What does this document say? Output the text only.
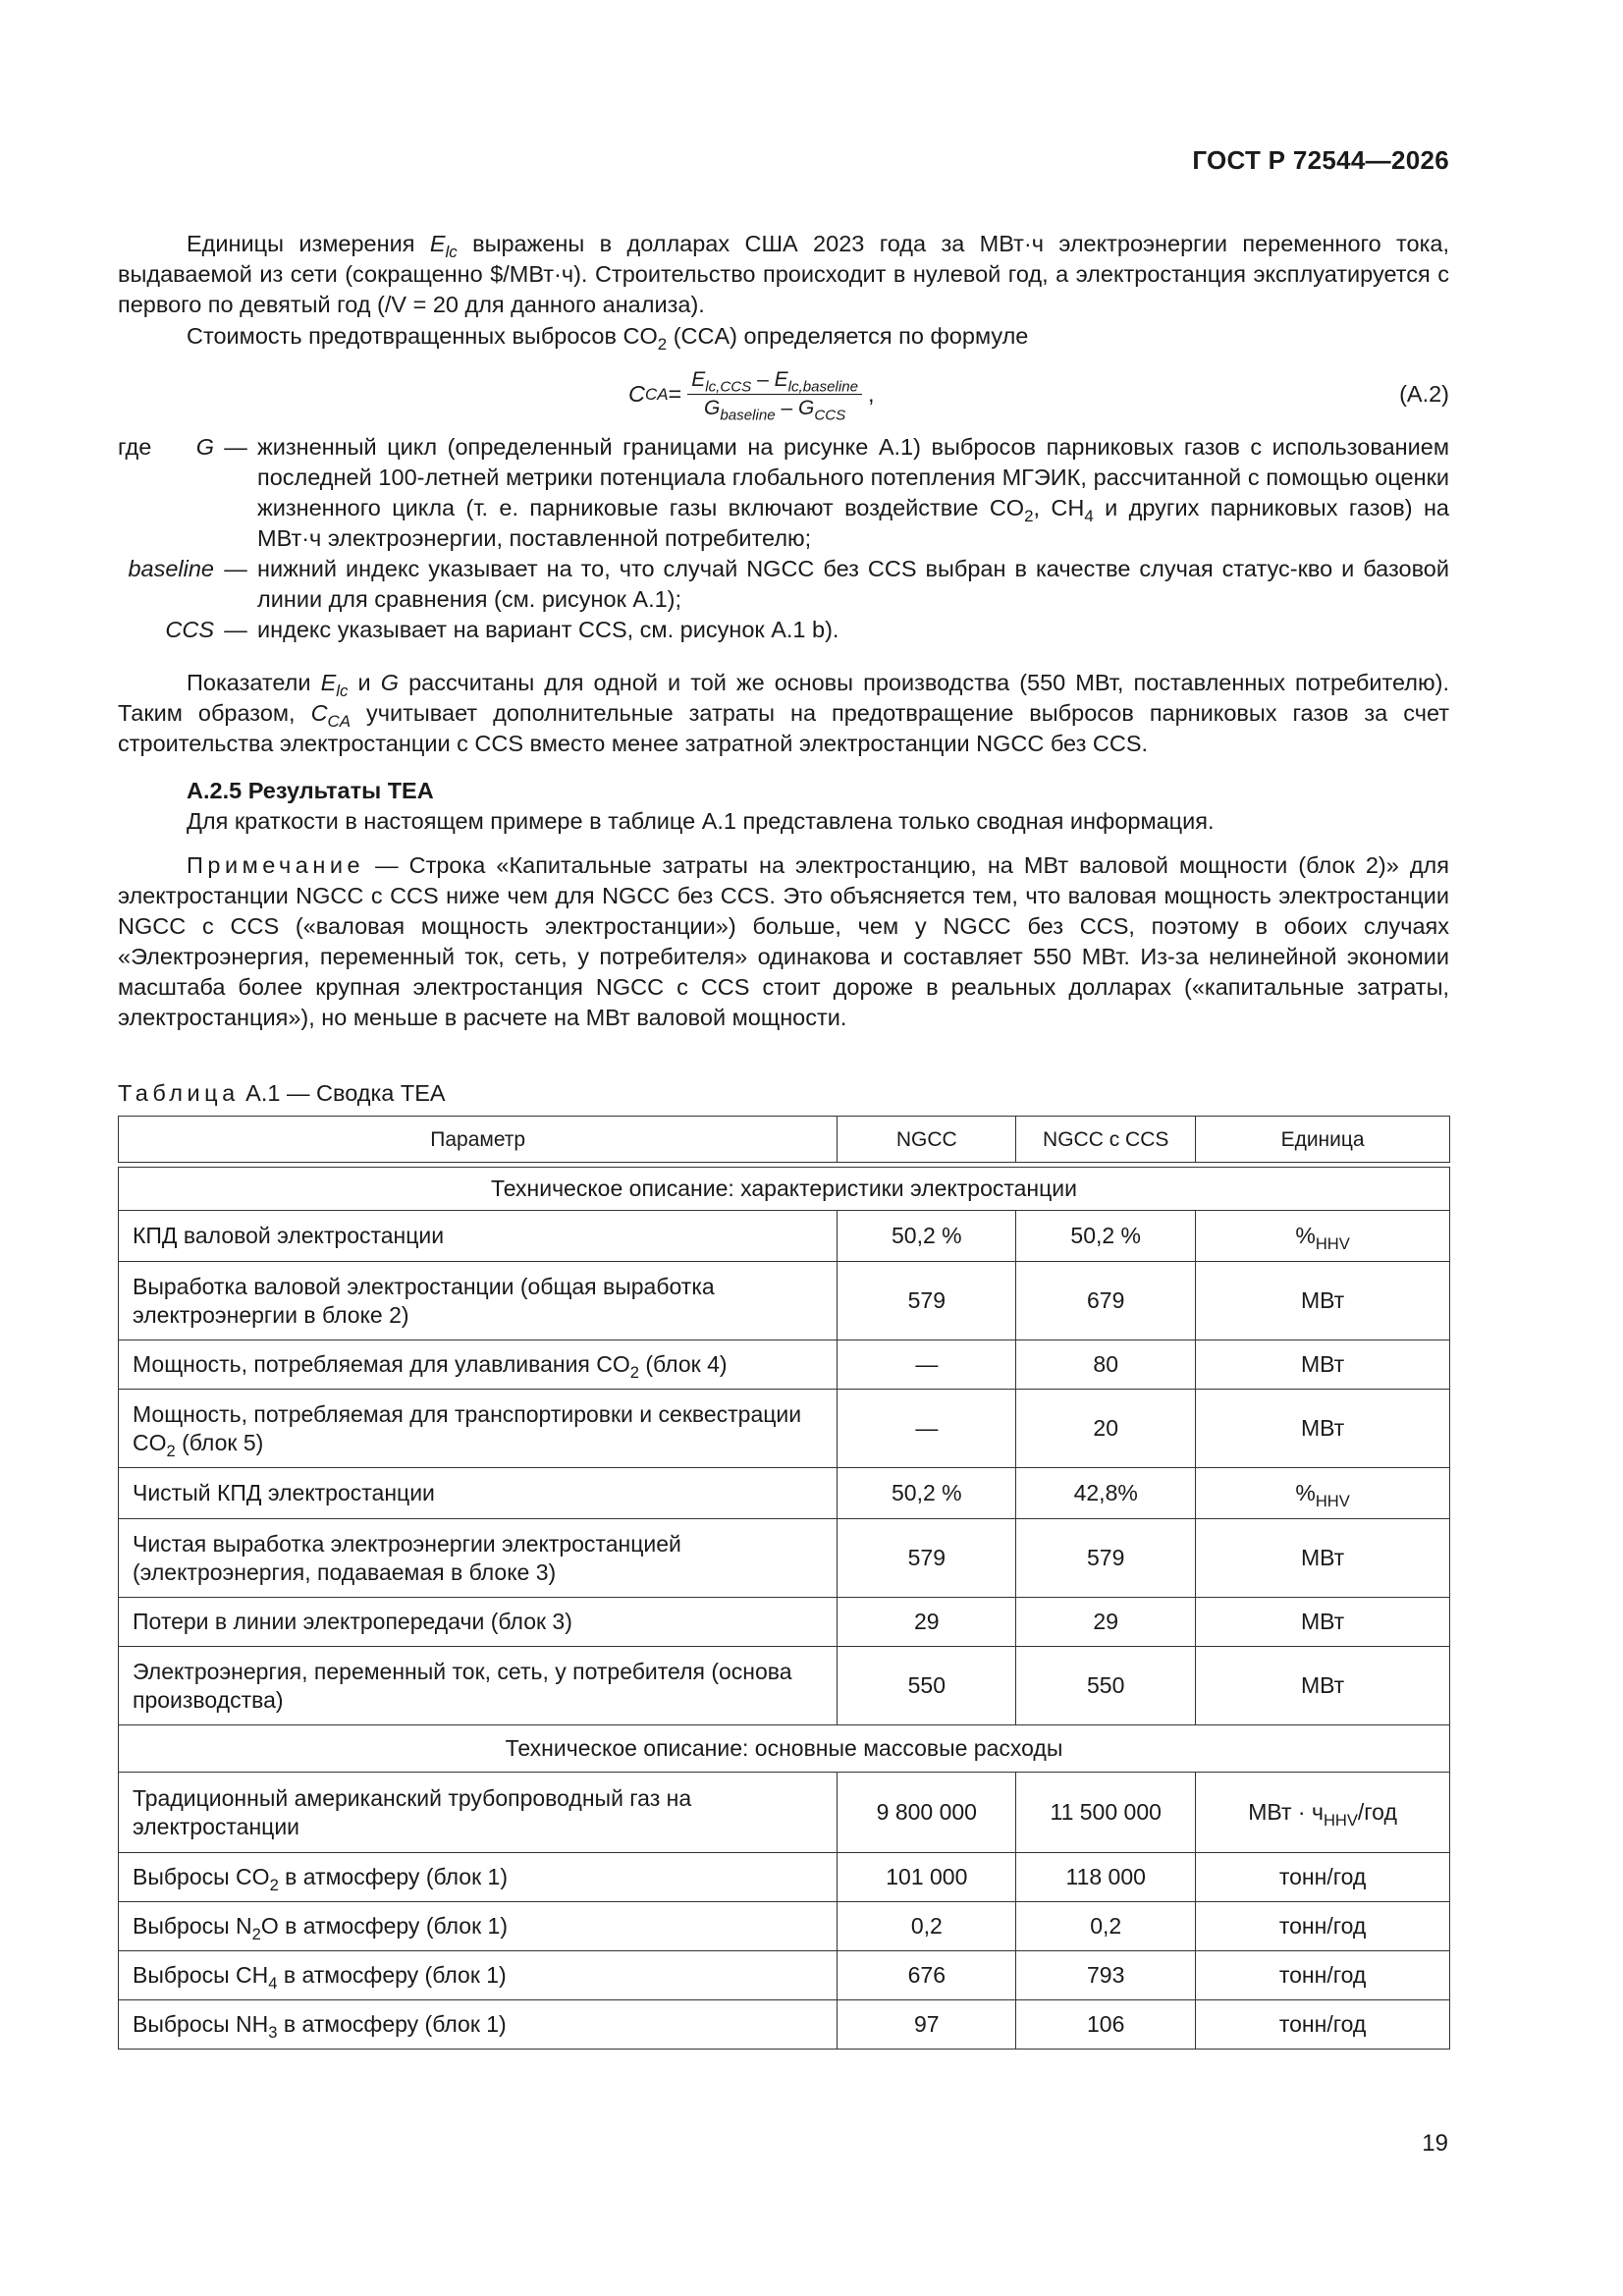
ГОСТ Р 72544—2026
Единицы измерения $E_{lc}$ выражены в долларах США 2023 года за МВт·ч электроэнергии переменного тока, выдаваемой из сети (сокращенно $/МВт·ч). Строительство происходит в нулевой год, а электростанция эксплуатируется с первого по девятый год (/V = 20 для данного анализа).
Стоимость предотвращенных выбросов $CO_2$ (CCA) определяется по формуле
C CA = $\frac{E_{lc,CCS} - E_{lc,baseline}}{G_{baseline} - G_{CCS}}$ ,	(A.2)
где	G — жизненный цикл (определенный границами на рисунке А.1) выбросов парниковых газов с использованием последней 100-летней метрики потенциала глобального потепления МГЭИК, рассчитанной с помощью оценки жизненного цикла (т. е. парниковые газы включают воздействие $CO_2$, $CH_4$ и других парниковых газов) на МВт·ч электроэнергии, поставленной потребителю;
baseline — нижний индекс указывает на то, что случай NGCC без CCS выбран в качестве случая статус-кво и базовой линии для сравнения (см. рисунок А.1);
CCS — индекс указывает на вариант CCS, см. рисунок А.1 b).
Показатели $E_{lc}$ и G рассчитаны для одной и той же основы производства (550 МВт, поставленных потребителю). Таким образом, $C_{CA}$ учитывает дополнительные затраты на предотвращение выбросов парниковых газов за счет строительства электростанции с CCS вместо менее затратной электростанции NGCC без CCS.
А.2.5 Результаты ТЕА
Для краткости в настоящем примере в таблице А.1 представлена только сводная информация.
Примечание — Строка «Капитальные затраты на электростанцию, на МВт валовой мощности (блок 2)» для электростанции NGCC с CCS ниже чем для NGCC без CCS. Это объясняется тем, что валовая мощность электростанции NGCC с CCS («валовая мощность электростанции») больше, чем у NGCC без CCS, поэтому в обоих случаях «Электроэнергия, переменный ток, сеть, у потребителя» одинакова и составляет 550 МВт. Из-за нелинейной экономии масштаба более крупная электростанция NGCC с CCS стоит дороже в реальных долларах («капитальные затраты, электростанция»), но меньше в расчете на МВт валовой мощности.
Таблица А.1 — Сводка ТЕА
Параметр	NGCC	NGCC с CCS	Единица

Техническое описание: характеристики электростанции			
КПД валовой электростанции	50,2 %	50,2 %	$\%_{HHV}$
Выработка валовой электростанции (общая выработка электроэнергии в блоке 2)	579	679	МВт
Мощность, потребляемая для улавливания $CO_2$ (блок 4)	—	80	МВт
Мощность, потребляемая для транспортировки и секвестрации $CO_2$ (блок 5)	—	20	МВт
Чистый КПД электростанции	50,2 %	42,8%	$\%_{HHV}$
Чистая выработка электроэнергии электростанцией (электроэнергия, подаваемая в блоке 3)	579	579	МВт
Потери в линии электропередачи (блок 3)	29	29	МВт
Электроэнергия, переменный ток, сеть, у потребителя (основа производства)	550	550	МВт
Техническое описание: основные массовые расходы			
Традиционный американский трубопроводный газ на электростанции	9 800 000	11 500 000	МВт · $ч_{HHV}$/год
Выбросы $CO_2$ в атмосферу (блок 1)	101 000	118 000	тонн/год
Выбросы $N_2O$ в атмосферу (блок 1)	0,2	0,2	тонн/год
Выбросы $CH_4$ в атмосферу (блок 1)	676	793	тонн/год
Выбросы $NH_3$ в атмосферу (блок 1)	97	106	тонн/год
19
